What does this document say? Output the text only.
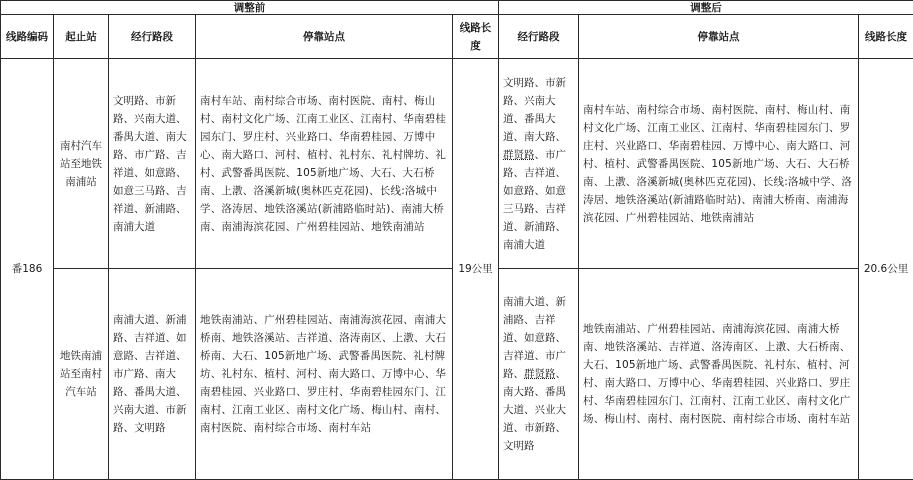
调整前					调整后		
线路编码	起止站	经行路段	停靠站点	线路长度	经行路段	停靠站点	线路长度
番186	南村汽车站至地铁南浦站	文明路、市新路、兴南大道、番禺大道、南大路、市广路、吉祥道、如意路、如意三马路、吉祥道、新浦路、南浦大道	南村车站、南村综合市场、南村医院、南村、梅山村、南村文化广场、江南工业区、江南村、华南碧桂园东门、罗庄村、兴业路口、华南碧桂园、万博中心、南大路口、河村、植村、礼村东、礼村牌坊、礼村、武警番禺医院、105新地广场、大石、大石桥南、上漖、洛溪新城(奥林匹克花园)、长线:洛城中学、洛涛居、地铁洛溪站(新浦路临时站)、南浦大桥南、南浦海滨花园、广州碧桂园站、地铁南浦站	19公里	文明路、市新路、兴南大道、番禺大道、南大路、群贤路、市广路、吉祥道、如意路、如意三马路、吉祥道、新浦路、南浦大道	南村车站、南村综合市场、南村医院、南村、梅山村、南村文化广场、江南工业区、江南村、华南碧桂园东门、罗庄村、兴业路口、华南碧桂园、万博中心、南大路口、河村、植村、武警番禺医院、105新地广场、大石、大石桥南、上漖、洛溪新城(奥林匹克花园)、长线:洛城中学、洛涛居、地铁洛溪站(新浦路临时站)、南浦大桥南、南浦海滨花园、广州碧桂园站、地铁南浦站	20.6公里
	地铁南浦站至南村汽车站	南浦大道、新浦路、吉祥道、如意路、吉祥道、市广路、南大路、番禺大道、兴南大道、市新路、文明路	地铁南浦站、广州碧桂园站、南浦海滨花园、南浦大桥南、地铁洛溪站、吉祥道、洛涛南区、上漖、大石桥南、大石、105新地广场、武警番禺医院、礼村牌坊、礼村东、植村、河村、南大路口、万博中心、华南碧桂园、兴业路口、罗庄村、华南碧桂园东门、江南村、江南工业区、南村文化广场、梅山村、南村、南村医院、南村综合市场、南村车站		南浦大道、新浦路、吉祥道、如意路、吉祥道、市广路、群贤路、南大路、番禺大道、兴业大道、市新路、文明路	地铁南浦站、广州碧桂园站、南浦海滨花园、南浦大桥南、地铁洛溪站、吉祥道、洛涛南区、上漖、大石桥南、大石、105新地广场、武警番禺医院、礼村东、植村、河村、南大路口、万博中心、华南碧桂园、兴业路口、罗庄村、华南碧桂园东门、江南村、江南工业区、南村文化广场、梅山村、南村、南村医院、南村综合市场、南村车站	
